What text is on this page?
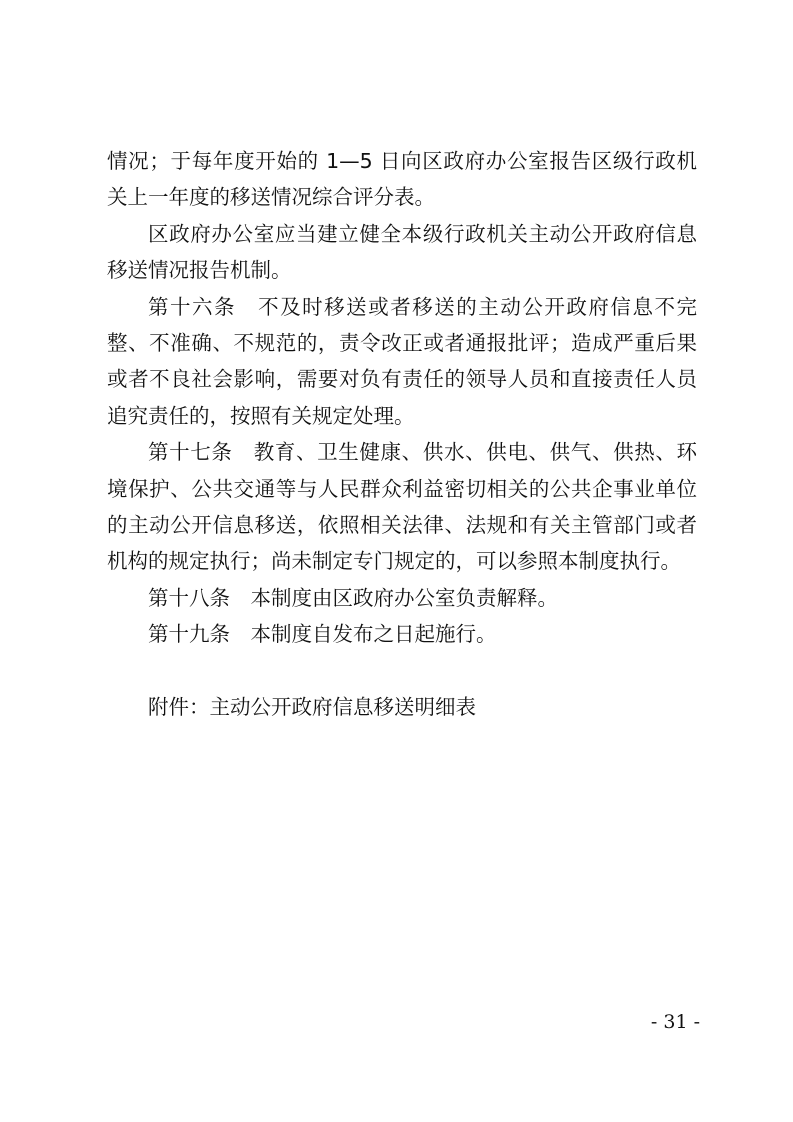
情况；于每年度开始的 1—5 日向区政府办公室报告区级行政机关上一年度的移送情况综合评分表。

区政府办公室应当建立健全本级行政机关主动公开政府信息移送情况报告机制。

第十六条　不及时移送或者移送的主动公开政府信息不完整、不准确、不规范的，责令改正或者通报批评；造成严重后果或者不良社会影响，需要对负有责任的领导人员和直接责任人员追究责任的，按照有关规定处理。

第十七条　教育、卫生健康、供水、供电、供气、供热、环境保护、公共交通等与人民群众利益密切相关的公共企事业单位的主动公开信息移送，依照相关法律、法规和有关主管部门或者机构的规定执行；尚未制定专门规定的，可以参照本制度执行。

第十八条　本制度由区政府办公室负责解释。

第十九条　本制度自发布之日起施行。

附件：主动公开政府信息移送明细表

- 31 -
